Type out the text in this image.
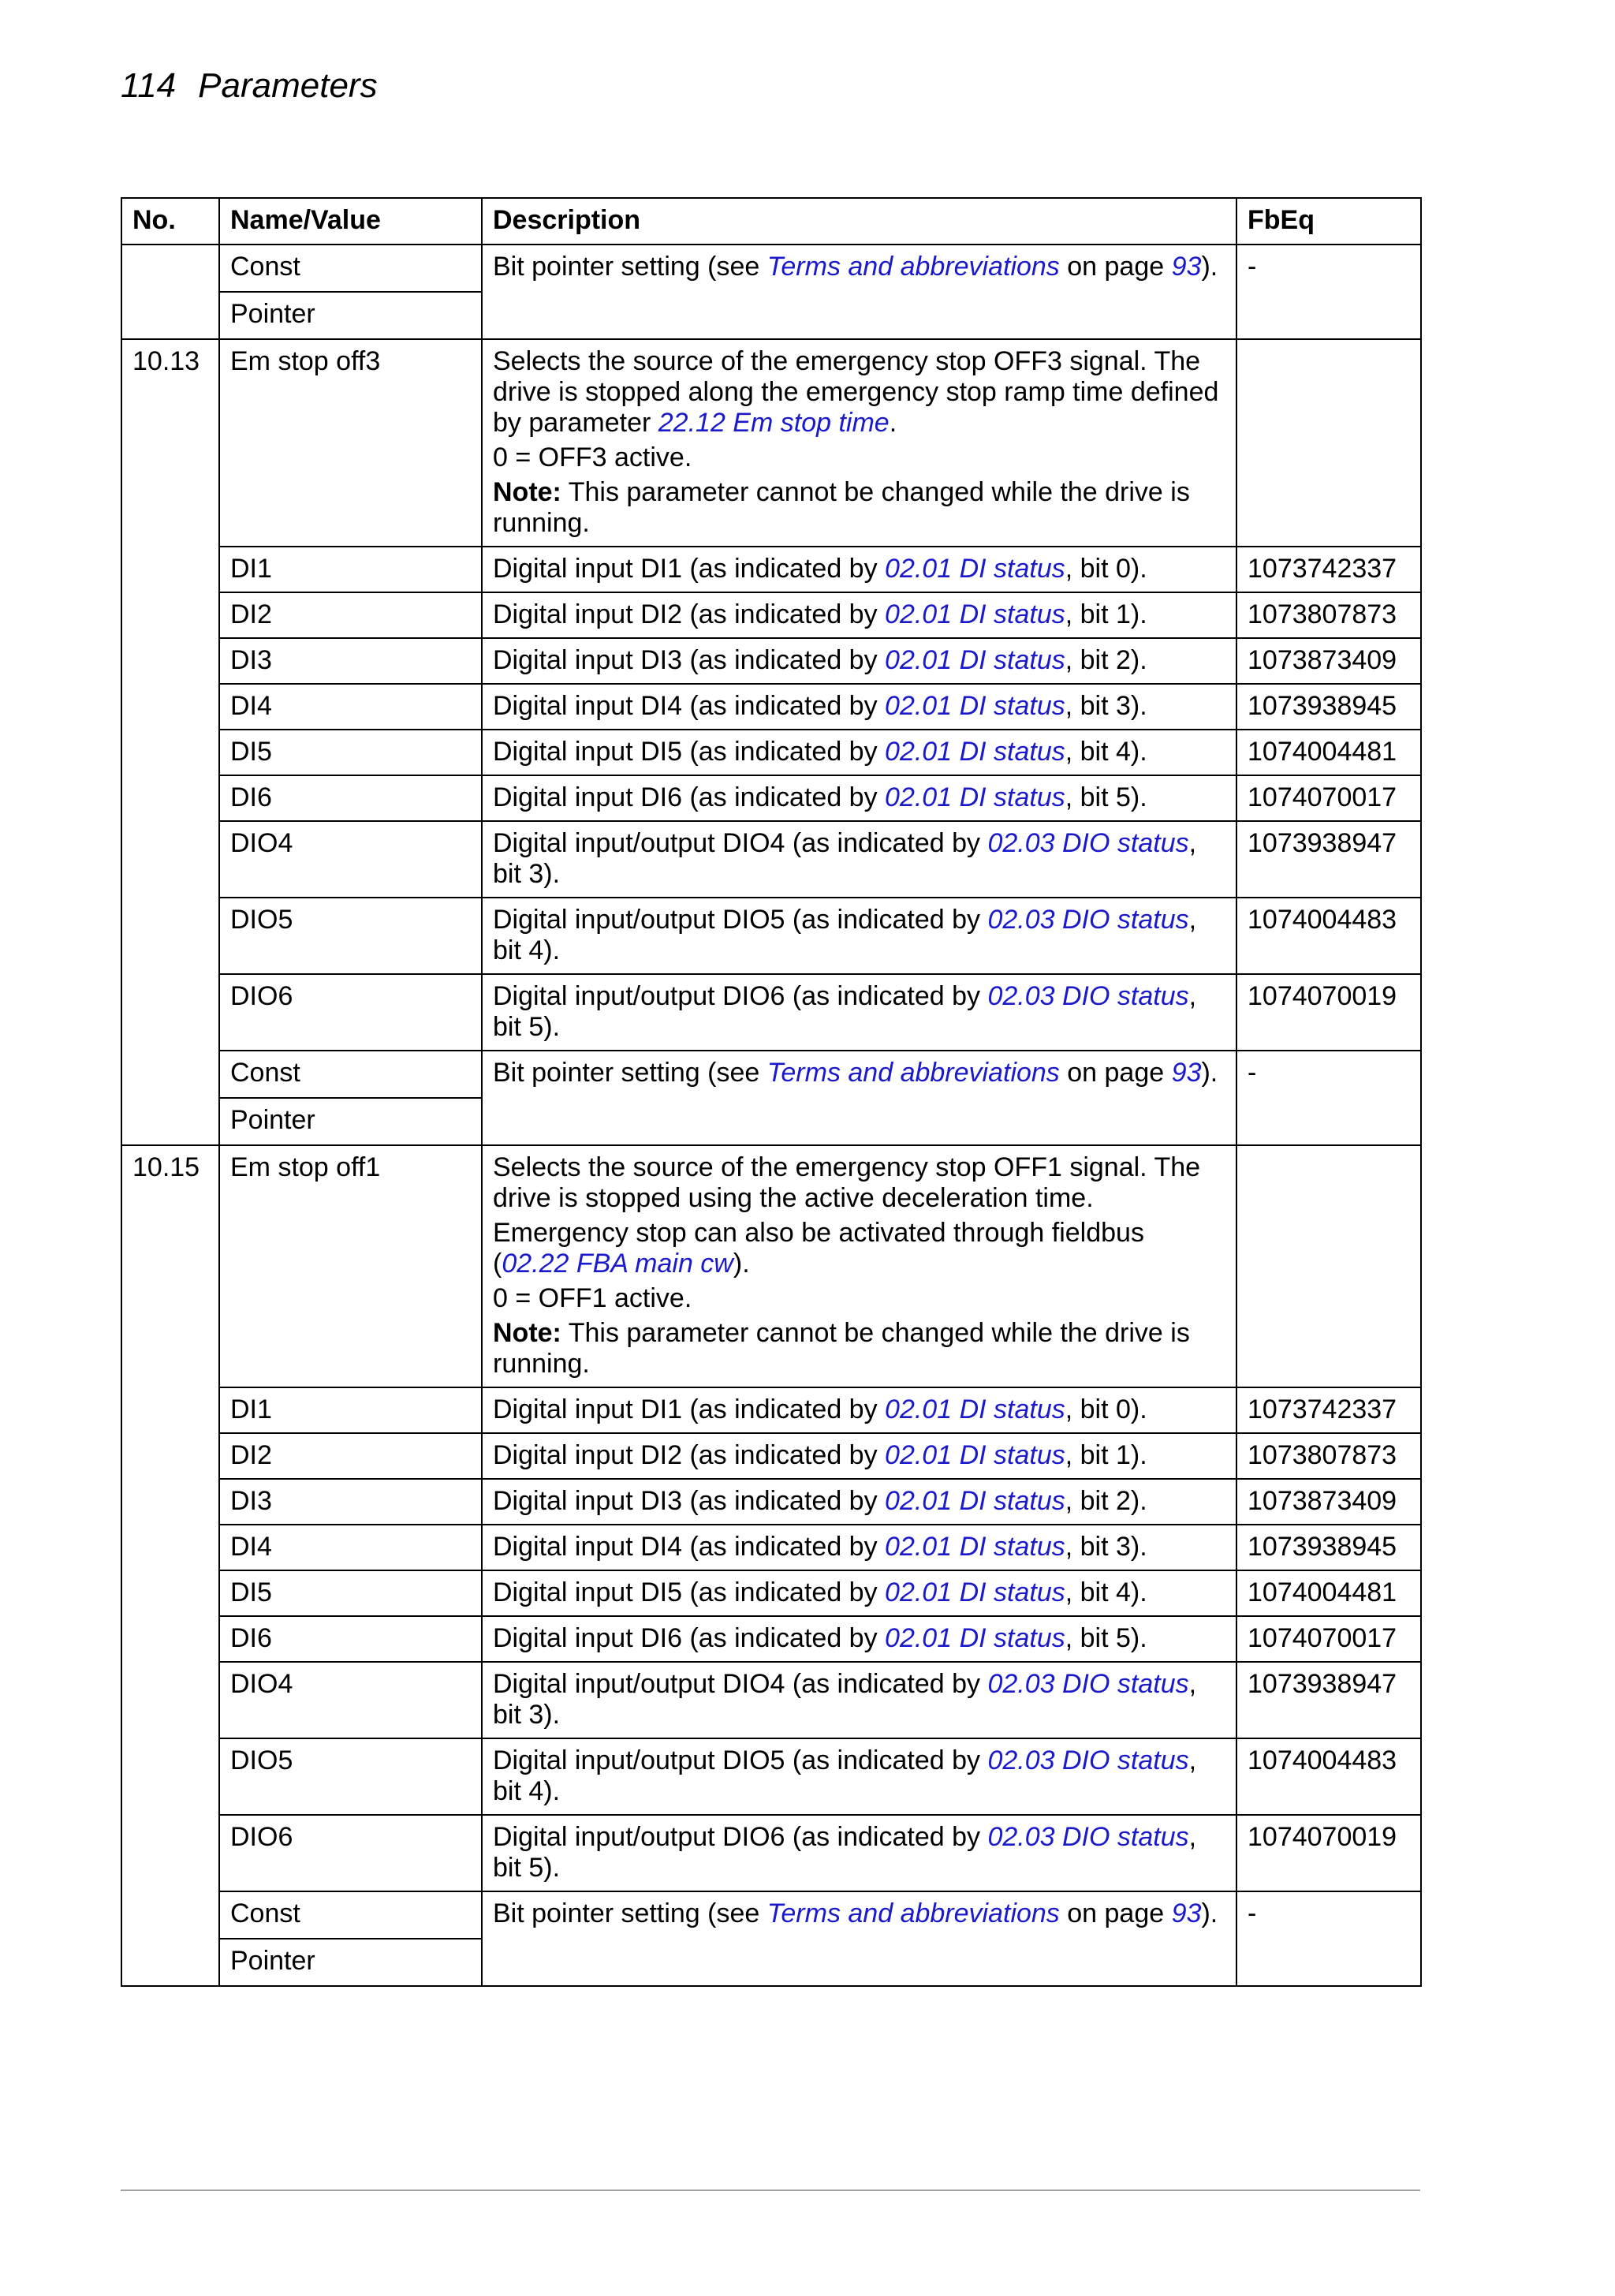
114 Parameters
No.	Name/Value	Description	FbEq
	Const	Bit pointer setting (see Terms and abbreviations on page 93).	-
	Pointer		
10.13	Em stop off3	Selects the source of the emergency stop OFF3 signal. The drive is stopped along the emergency stop ramp time defined by parameter 22.12 Em stop time.

0 = OFF3 active.

Note: This parameter cannot be changed while the drive is running.	

	DI1	Digital input DI1 (as indicated by 02.01 DI status, bit 0).	1073742337
	DI2	Digital input DI2 (as indicated by 02.01 DI status, bit 1).	1073807873
	DI3	Digital input DI3 (as indicated by 02.01 DI status, bit 2).	1073873409
	DI4	Digital input DI4 (as indicated by 02.01 DI status, bit 3).	1073938945
	DI5	Digital input DI5 (as indicated by 02.01 DI status, bit 4).	1074004481
	DI6	Digital input DI6 (as indicated by 02.01 DI status, bit 5).	1074070017
	DIO4	Digital input/output DIO4 (as indicated by 02.03 DIO status, bit 3).	1073938947
	DIO5	Digital input/output DIO5 (as indicated by 02.03 DIO status, bit 4).	1074004483
	DIO6	Digital input/output DIO6 (as indicated by 02.03 DIO status, bit 5).	1074070019
	Const	Bit pointer setting (see Terms and abbreviations on page 93).	-
	Pointer		
10.15	Em stop off1	Selects the source of the emergency stop OFF1 signal. The drive is stopped using the active deceleration time.

Emergency stop can also be activated through fieldbus (02.22 FBA main cw).

0 = OFF1 active.

Note: This parameter cannot be changed while the drive is running.	

	DI1	Digital input DI1 (as indicated by 02.01 DI status, bit 0).	1073742337
	DI2	Digital input DI2 (as indicated by 02.01 DI status, bit 1).	1073807873
	DI3	Digital input DI3 (as indicated by 02.01 DI status, bit 2).	1073873409
	DI4	Digital input DI4 (as indicated by 02.01 DI status, bit 3).	1073938945
	DI5	Digital input DI5 (as indicated by 02.01 DI status, bit 4).	1074004481
	DI6	Digital input DI6 (as indicated by 02.01 DI status, bit 5).	1074070017
	DIO4	Digital input/output DIO4 (as indicated by 02.03 DIO status, bit 3).	1073938947
	DIO5	Digital input/output DIO5 (as indicated by 02.03 DIO status, bit 4).	1074004483
	DIO6	Digital input/output DIO6 (as indicated by 02.03 DIO status, bit 5).	1074070019
	Const	Bit pointer setting (see Terms and abbreviations on page 93).	-
	Pointer		
